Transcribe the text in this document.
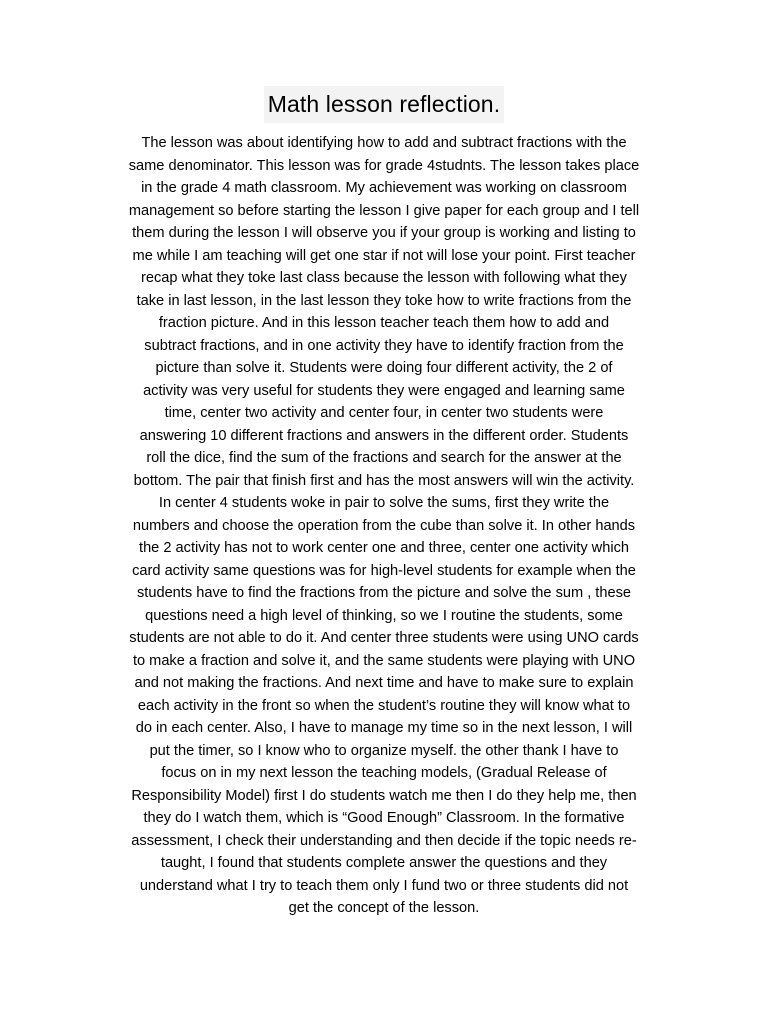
Math lesson reflection.
The lesson was about identifying how to add and subtract fractions with the
same denominator. This lesson was for grade 4studnts. The lesson takes place
in the grade 4 math classroom. My achievement was working on classroom
management so before starting the lesson I give paper for each group and I tell
them during the lesson I will observe you if your group is working and listing to
me while I am teaching will get one star if not will lose your point. First teacher
recap what they toke last class because the lesson with following what they
take in last lesson, in the last lesson they toke how to write fractions from the
fraction picture. And in this lesson teacher teach them how to add and
subtract fractions, and in one activity they have to identify fraction from the
picture than solve it. Students were doing four different activity, the 2 of
activity was very useful for students they were engaged and learning same
time, center two activity and center four, in center two students were
answering 10 different fractions and answers in the different order. Students
roll the dice, find the sum of the fractions and search for the answer at the
bottom. The pair that finish first and has the most answers will win the activity.
In center 4 students woke in pair to solve the sums, first they write the
numbers and choose the operation from the cube than solve it. In other hands
the 2 activity has not to work center one and three, center one activity which
card activity same questions was for high-level students for example when the
students have to find the fractions from the picture and solve the sum , these
questions need a high level of thinking, so we I routine the students, some
students are not able to do it. And center three students were using UNO cards
to make a fraction and solve it, and the same students were playing with UNO
and not making the fractions. And next time and have to make sure to explain
each activity in the front so when the student’s routine they will know what to
do in each center. Also, I have to manage my time so in the next lesson, I will
put the timer, so I know who to organize myself. the other thank I have to
focus on in my next lesson the teaching models, (Gradual Release of
Responsibility Model) first I do students watch me then I do they help me, then
they do I watch them, which is “Good Enough” Classroom. In the formative
assessment, I check their understanding and then decide if the topic needs re-
taught, I found that students complete answer the questions and they
understand what I try to teach them only I fund two or three students did not
get the concept of the lesson.
